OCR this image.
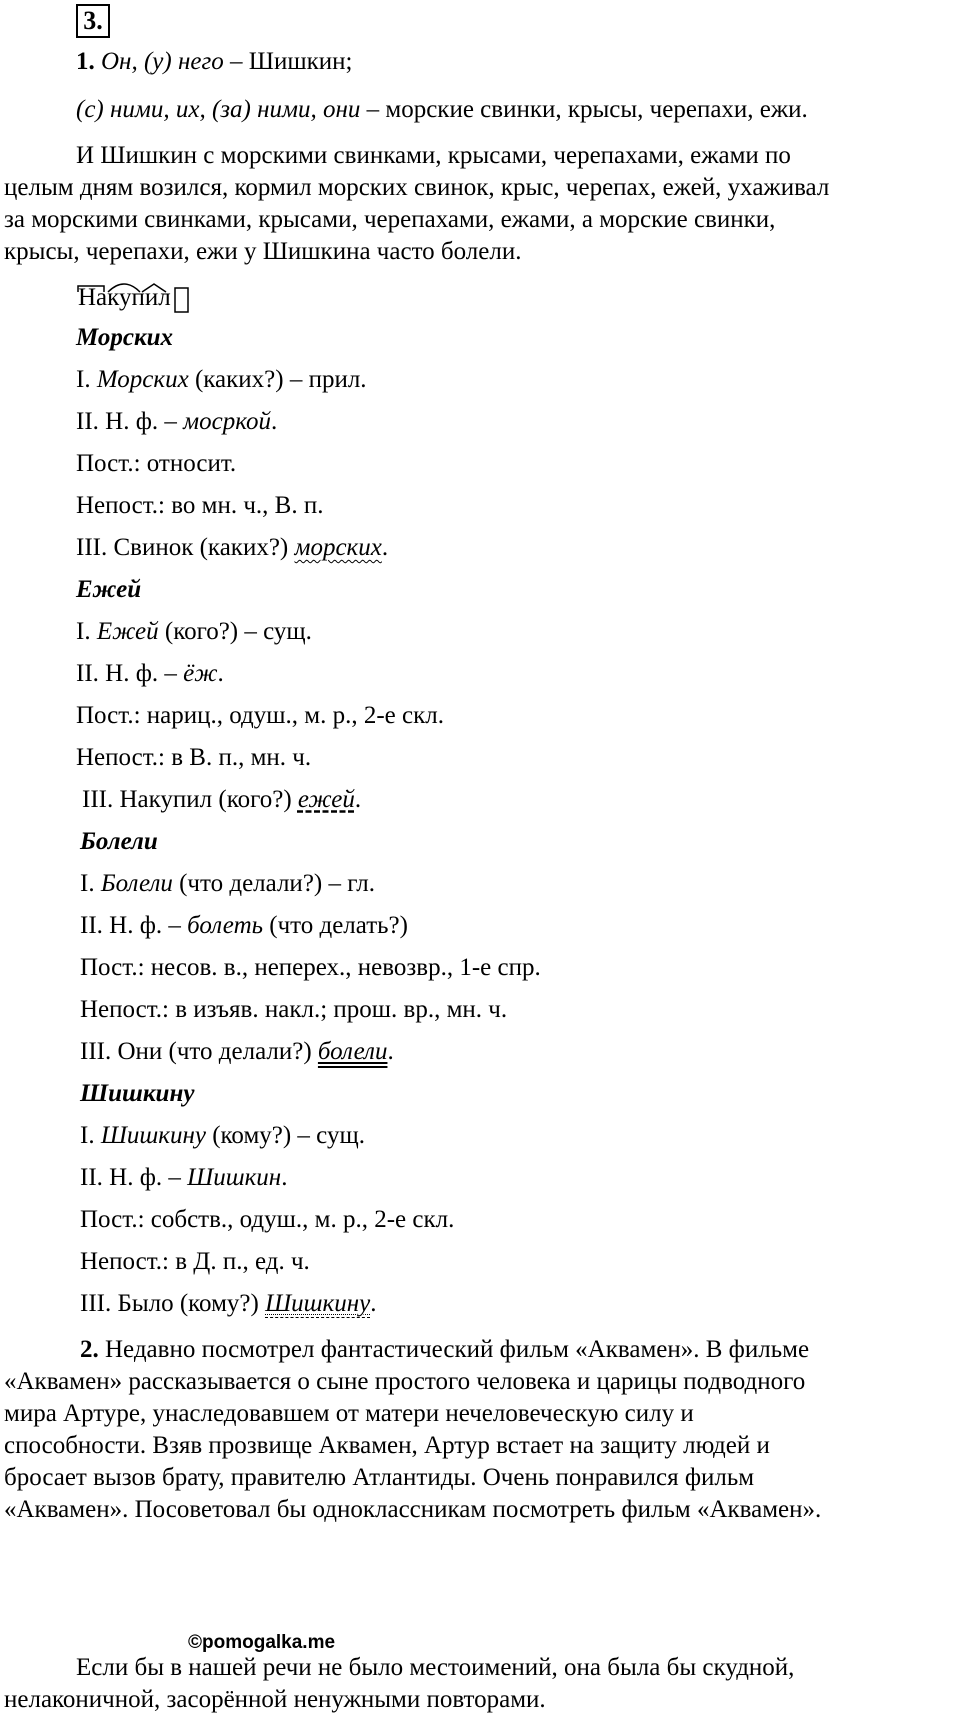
3.
1. Он, (у) него – Шишкин;
(с) ними, их, (за) ними, они – морские свинки, крысы, черепахи, ежи.
И Шишкин с морскими свинками, крысами, черепахами, ежами по
целым дням возился, кормил морских свинок, крыс, черепах, ежей, ухаживал
за морскими свинками, крысами, черепахами, ежами, а морские свинки,
крысы, черепахи, ежи у Шишкина часто болели.
Накупил
Морских
I. Морских (каких?) – прил.
II. Н. ф. – мосркой.
Пост.: относит.
Непост.: во мн. ч., В. п.
III. Свинок (каких?) морских.
Ежей
I. Ежей (кого?) – сущ.
II. Н. ф. – ёж.
Пост.: нариц., одуш., м. р., 2-е скл.
Непост.: в В. п., мн. ч.
III. Накупил (кого?) ежей.
Болели
I. Болели (что делали?) – гл.
II. Н. ф. – болеть (что делать?)
Пост.: несов. в., неперех., невозвр., 1-е спр.
Непост.: в изъяв. накл.; прош. вр., мн. ч.
III. Они (что делали?) болели.
Шишкину
I. Шишкину (кому?) – сущ.
II. Н. ф. – Шишкин.
Пост.: собств., одуш., м. р., 2-е скл.
Непост.: в Д. п., ед. ч.
III. Было (кому?) Шишкину.
2. Недавно посмотрел фантастический фильм «Аквамен». В фильме
«Аквамен» рассказывается о сыне простого человека и царицы подводного
мира Артуре, унаследовавшем от матери нечеловеческую силу и
способности. Взяв прозвище Аквамен, Артур встает на защиту людей и
бросает вызов брату, правителю Атлантиды. Очень понравился фильм
«Аквамен». Посоветовал бы одноклассникам посмотреть фильм «Аквамен».
©pomogalka.me
Если бы в нашей речи не было местоимений, она была бы скудной,
нелаконичной, засорённой ненужными повторами.
